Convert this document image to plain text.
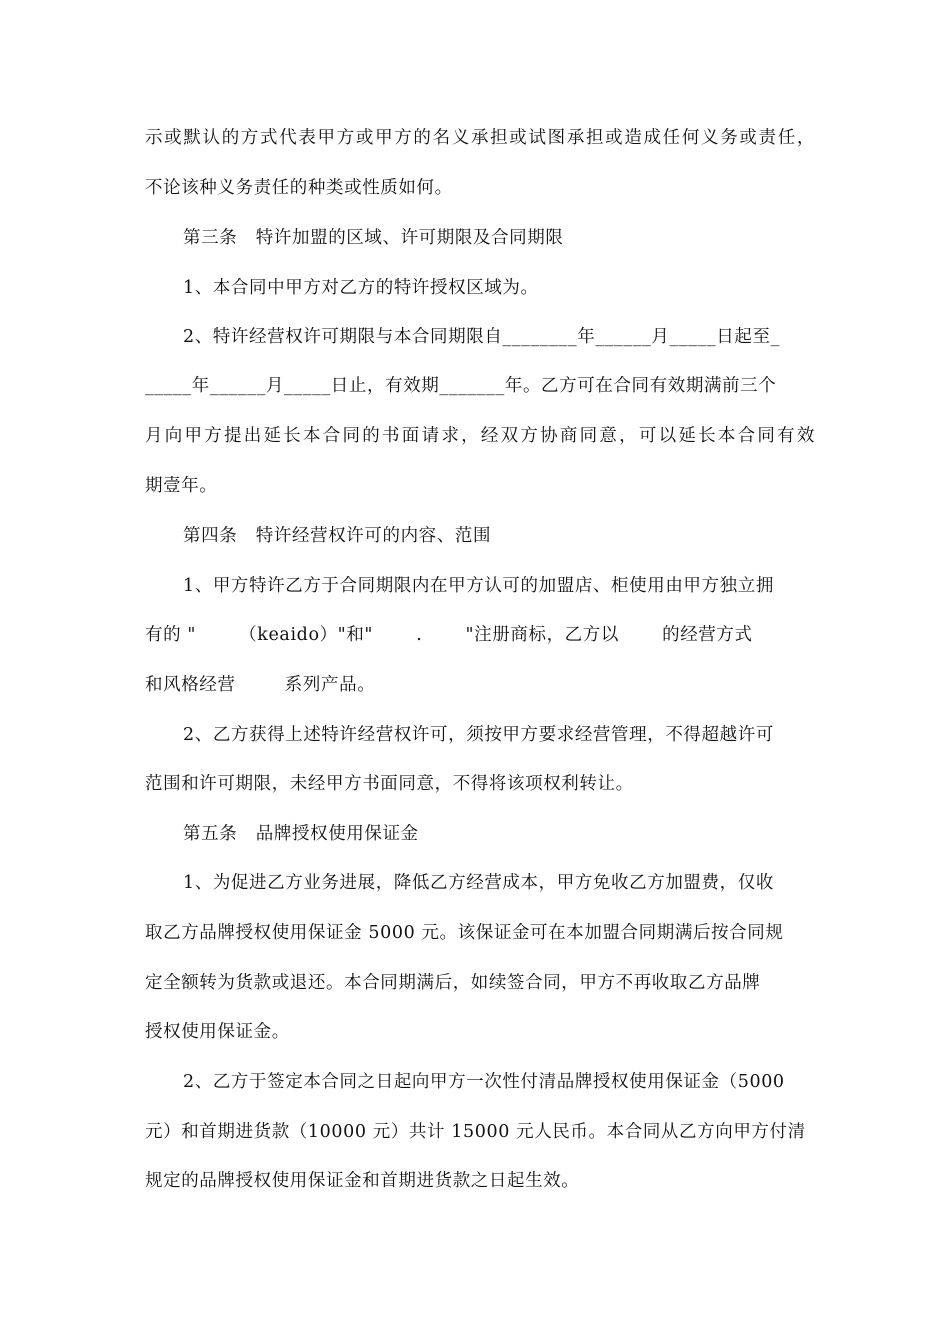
示或默认的方式代表甲方或甲方的名义承担或试图承担或造成任何义务或责任，
不论该种义务责任的种类或性质如何。
第三条   特许加盟的区域、许可期限及合同期限
1、本合同中甲方对乙方的特许授权区域为。
2、特许经营权许可期限与本合同期限自________年______月_____日起至_
_____年______月_____日止，有效期_______年。乙方可在合同有效期满前三个
月向甲方提出延长本合同的书面请求，经双方协商同意，可以延长本合同有效
期壹年。
第四条   特许经营权许可的内容、范围
1、甲方特许乙方于合同期限内在甲方认可的加盟店、柜使用由甲方独立拥
有的 "       （keaido）"和"       .       "注册商标，乙方以       的经营方式
和风格经营        系列产品。
2、乙方获得上述特许经营权许可，须按甲方要求经营管理，不得超越许可
范围和许可期限，未经甲方书面同意，不得将该项权利转让。
第五条   品牌授权使用保证金
1、为促进乙方业务进展，降低乙方经营成本，甲方免收乙方加盟费，仅收
取乙方品牌授权使用保证金 5000 元。该保证金可在本加盟合同期满后按合同规
定全额转为货款或退还。本合同期满后，如续签合同，甲方不再收取乙方品牌
授权使用保证金。
2、乙方于签定本合同之日起向甲方一次性付清品牌授权使用保证金（5000
元）和首期进货款（10000 元）共计 15000 元人民币。本合同从乙方向甲方付清
规定的品牌授权使用保证金和首期进货款之日起生效。
